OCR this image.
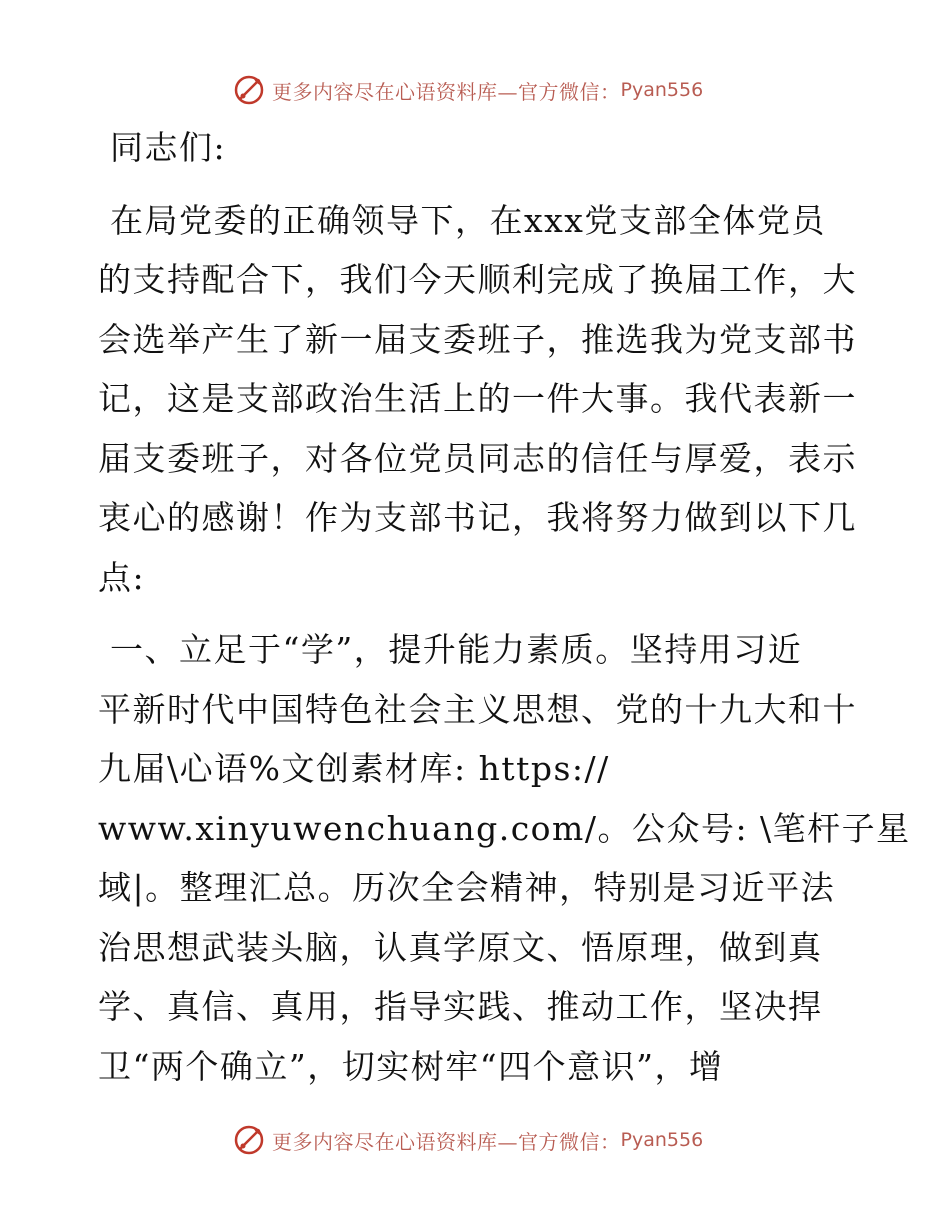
更多内容尽在心语资料库—官方微信： Pyan556

同志们:

在局党委的正确领导下，在xxx党支部全体党员

的支持配合下，我们今天顺利完成了换届工作，大

会选举产生了新一届支委班子，推选我为党支部书

记，这是支部政治生活上的一件大事。我代表新一

届支委班子，对各位党员同志的信任与厚爱，表示

衷心的感谢！作为支部书记，我将努力做到以下几

点:

一、立足于“学”，提升能力素质。坚持用习近

平新时代中国特色社会主义思想、党的十九大和十

九届\心语%文创素材库: https://

www.xinyuwenchuang.com/。公众号: \笔杆子星

域|。整理汇总。历次全会精神，特别是习近平法

治思想武装头脑，认真学原文、悟原理，做到真

学、真信、真用，指导实践、推动工作，坚决捍

卫“两个确立”，切实树牢“四个意识”，增

更多内容尽在心语资料库—官方微信： Pyan556
